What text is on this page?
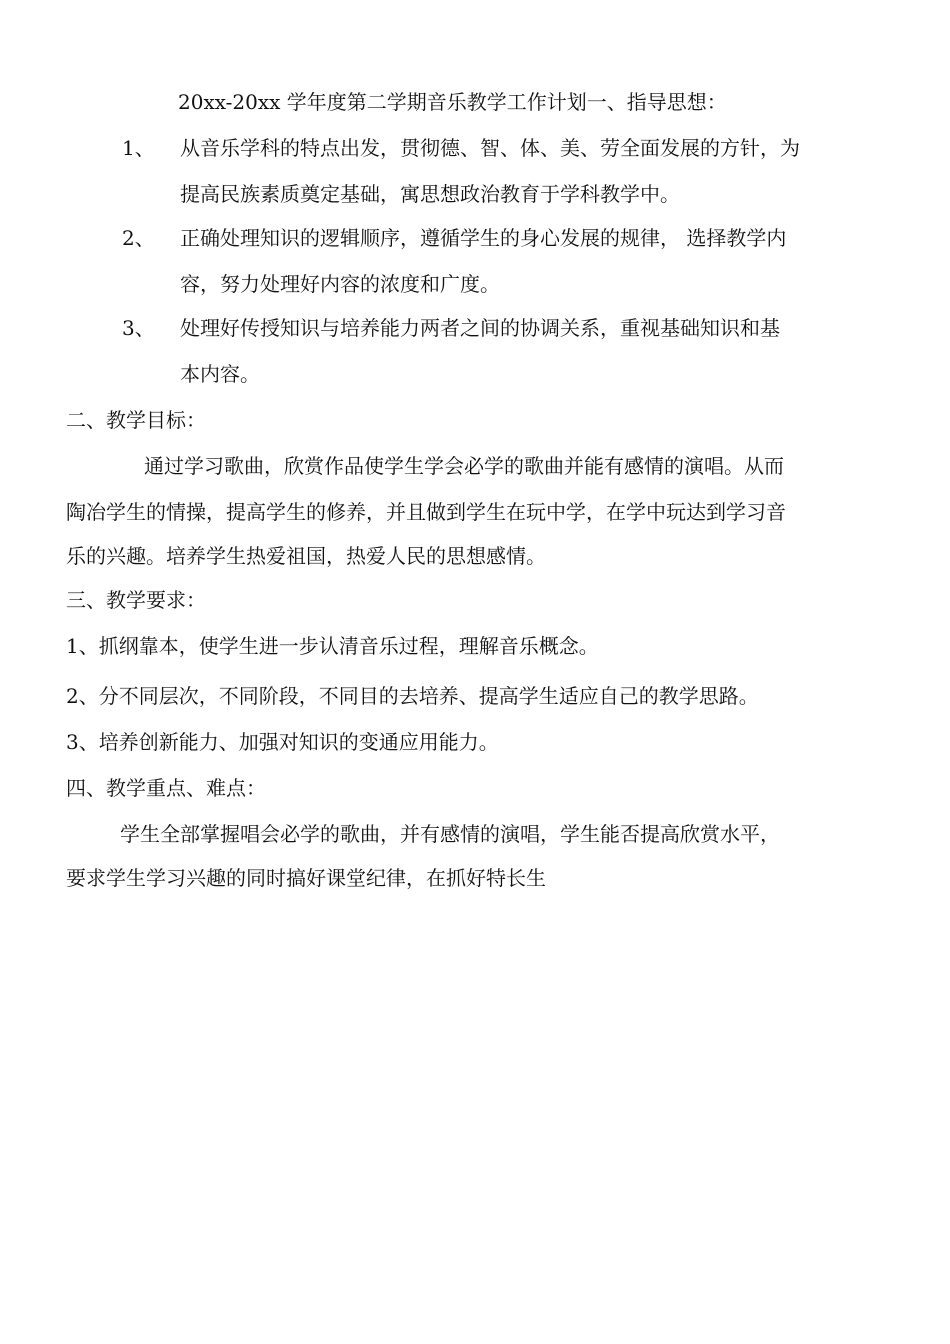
20xx-20xx 学年度第二学期音乐教学工作计划一、指导思想：
1、 从音乐学科的特点出发，贯彻德、智、体、美、劳全面发展的方针，为
提高民族素质奠定基础，寓思想政治教育于学科教学中。
2、 正确处理知识的逻辑顺序，遵循学生的身心发展的规律， 选择教学内
容，努力处理好内容的浓度和广度。
3、 处理好传授知识与培养能力两者之间的协调关系，重视基础知识和基
本内容。
二、教学目标：
通过学习歌曲，欣赏作品使学生学会必学的歌曲并能有感情的演唱。从而
陶冶学生的情操，提高学生的修养，并且做到学生在玩中学，在学中玩达到学习音
乐的兴趣。培养学生热爱祖国，热爱人民的思想感情。
三、教学要求：
1、抓纲靠本，使学生进一步认清音乐过程，理解音乐概念。
2、分不同层次，不同阶段，不同目的去培养、提高学生适应自己的教学思路。
3、培养创新能力、加强对知识的变通应用能力。
四、教学重点、难点：
学生全部掌握唱会必学的歌曲，并有感情的演唱，学生能否提高欣赏水平，
要求学生学习兴趣的同时搞好课堂纪律，在抓好特长生
